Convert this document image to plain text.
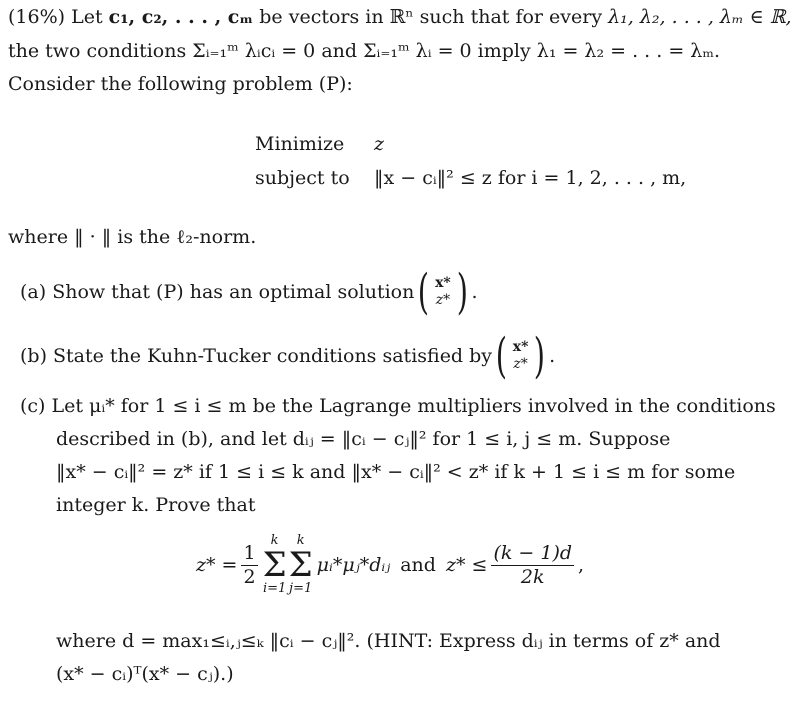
(16%) Let c₁, c₂, . . . , cₘ be vectors in ℝⁿ such that for every λ₁, λ₂, . . . , λₘ ∈ ℝ,
the two conditions Σᵢ₌₁ᵐ λᵢcᵢ = 0 and Σᵢ₌₁ᵐ λᵢ = 0 imply λ₁ = λ₂ = . . . = λₘ.
Consider the following problem (P):
Minimize z
subject to ‖x − cᵢ‖² ≤ z for i = 1, 2, . . . , m,
where ‖ · ‖ is the ℓ₂-norm.
(a) Show that (P) has an optimal solution ( x*
z* ) .
(b) State the Kuhn-Tucker conditions satisfied by ( x*
z* ) .
(c) Let μᵢ* for 1 ≤ i ≤ m be the Lagrange multipliers involved in the conditions
described in (b), and let dᵢⱼ = ‖cᵢ − cⱼ‖² for 1 ≤ i, j ≤ m. Suppose
‖x* − cᵢ‖² = z* if 1 ≤ i ≤ k and ‖x* − cᵢ‖² < z* if k + 1 ≤ i ≤ m for some
integer k. Prove that
$z* = \frac{1}{2}$
k
Σ
i=1
k
Σ
j=1
μᵢ*μⱼ*dᵢⱼ and $z* \le \frac{(k - 1)d}{2k}$ ,
where d = max₁≤ᵢ,ⱼ≤ₖ ‖cᵢ − cⱼ‖². (HINT: Express dᵢⱼ in terms of z* and
(x* − cᵢ)ᵀ(x* − cⱼ).)
